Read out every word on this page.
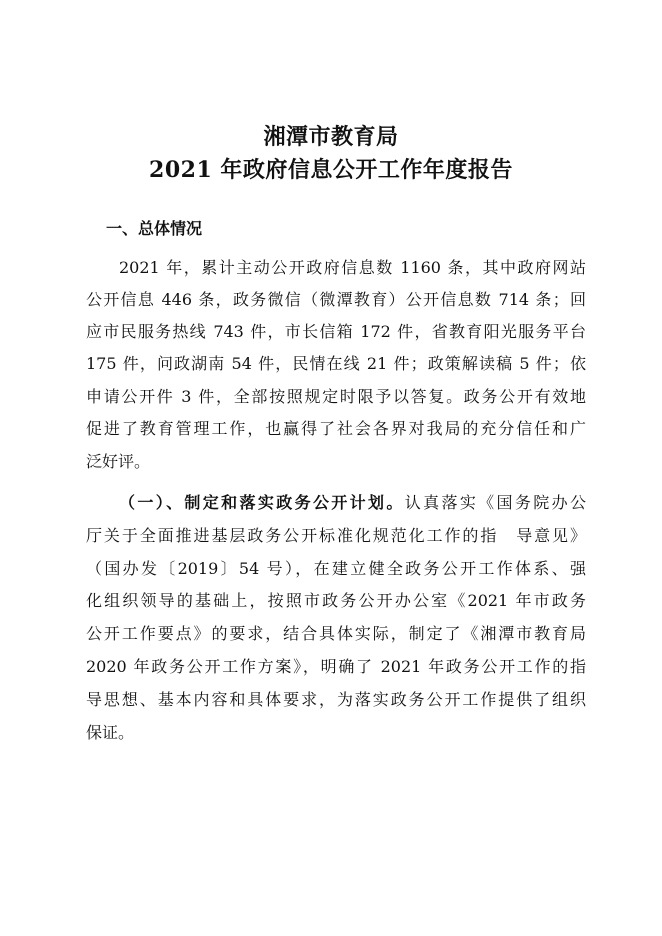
湘潭市教育局
2021 年政府信息公开工作年度报告
一、总体情况
2021 年，累计主动公开政府信息数 1160 条，其中政府网站
公开信息 446 条，政务微信（微潭教育）公开信息数 714 条；回
应市民服务热线 743 件，市长信箱 172 件，省教育阳光服务平台
175 件，问政湖南 54 件，民情在线 21 件；政策解读稿 5 件；依
申请公开件 3 件，全部按照规定时限予以答复。政务公开有效地
促进了教育管理工作，也赢得了社会各界对我局的充分信任和广
泛好评。
（一）、制定和落实政务公开计划。认真落实《国务院办公
厅关于全面推进基层政务公开标准化规范化工作的指　导意见》
（国办发〔2019〕54 号），在建立健全政务公开工作体系、强
化组织领导的基础上，按照市政务公开办公室《2021 年市政务
公开工作要点》的要求，结合具体实际，制定了《湘潭市教育局
2020 年政务公开工作方案》，明确了 2021 年政务公开工作的指
导思想、基本内容和具体要求，为落实政务公开工作提供了组织
保证。
